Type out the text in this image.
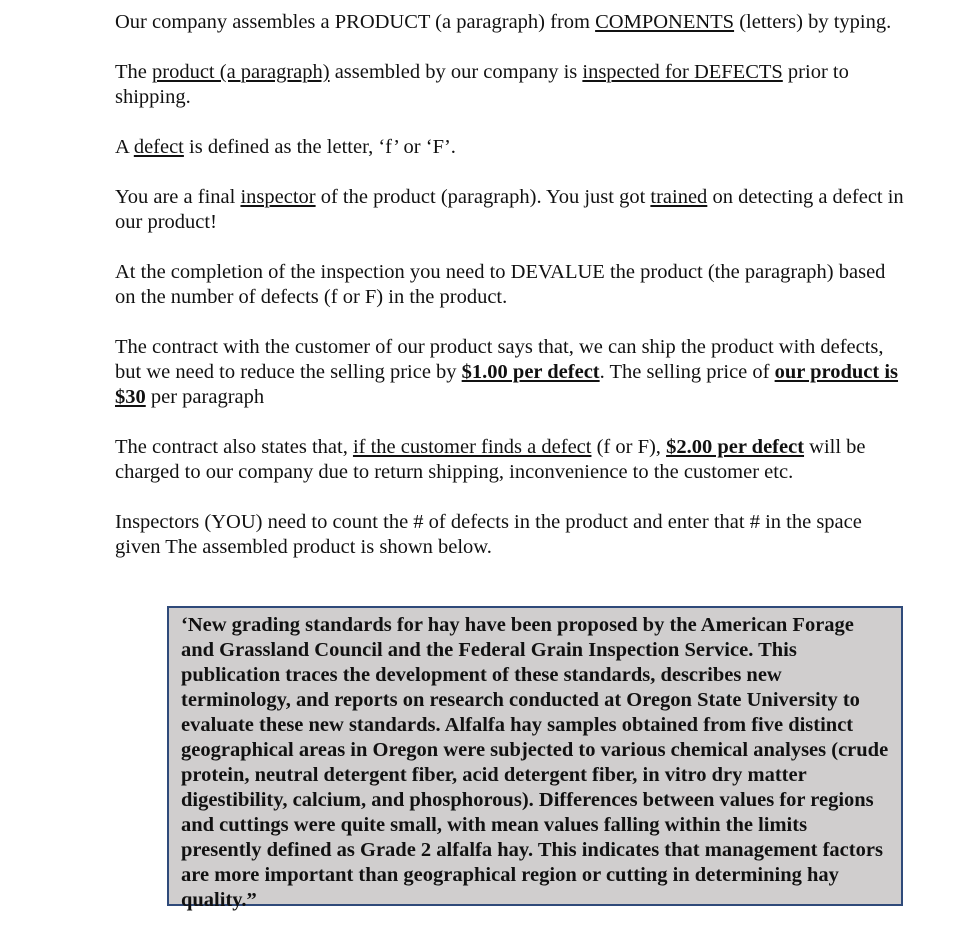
Our company assembles a PRODUCT (a paragraph) from COMPONENTS (letters) by typing.

The product (a paragraph) assembled by our company is inspected for DEFECTS prior to shipping.

A defect is defined as the letter, ‘f’ or ‘F’.

You are a final inspector of the product (paragraph). You just got trained on detecting a defect in our product!

At the completion of the inspection you need to DEVALUE the product (the paragraph) based on the number of defects (f or F) in the product.

The contract with the customer of our product says that, we can ship the product with defects, but we need to reduce the selling price by $1.00 per defect. The selling price of our product is $30 per paragraph

The contract also states that, if the customer finds a defect (f or F), $2.00 per defect will be charged to our company due to return shipping, inconvenience to the customer etc.

Inspectors (YOU) need to count the # of defects in the product and enter that # in the space given The assembled product is shown below.

‘New grading standards for hay have been proposed by the American Forage and Grassland Council and the Federal Grain Inspection Service. This publication traces the development of these standards, describes new terminology, and reports on research conducted at Oregon State University to evaluate these new standards. Alfalfa hay samples obtained from five distinct geographical areas in Oregon were subjected to various chemical analyses (crude protein, neutral detergent fiber, acid detergent fiber, in vitro dry matter digestibility, calcium, and phosphorous). Differences between values for regions and cuttings were quite small, with mean values falling within the limits presently defined as Grade 2 alfalfa hay. This indicates that management factors are more important than geographical region or cutting in determining hay quality.”
